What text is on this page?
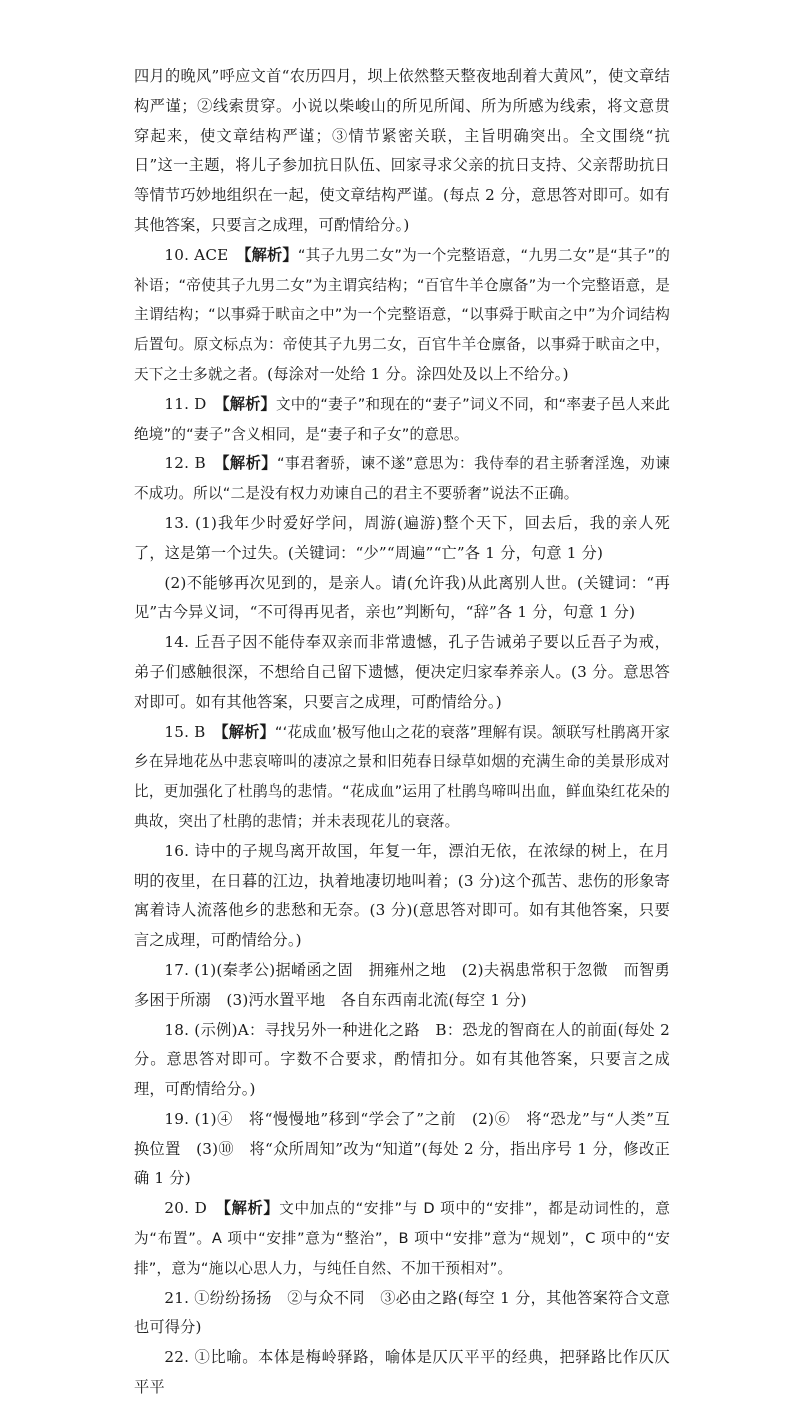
四月的晚风”呼应文首“农历四月，坝上依然整天整夜地刮着大黄风”，使文章结构严谨；②线索贯穿。小说以柴峻山的所见所闻、所为所感为线索，将文意贯穿起来，使文章结构严谨；③情节紧密关联，主旨明确突出。全文围绕“抗日”这一主题，将儿子参加抗日队伍、回家寻求父亲的抗日支持、父亲帮助抗日等情节巧妙地组织在一起，使文章结构严谨。(每点 2 分，意思答对即可。如有其他答案，只要言之成理，可酌情给分。)

10. ACE　【解析】“其子九男二女”为一个完整语意，“九男二女”是“其子”的补语；“帝使其子九男二女”为主谓宾结构；“百官牛羊仓廪备”为一个完整语意，是主谓结构；“以事舜于畎亩之中”为一个完整语意，“以事舜于畎亩之中”为介词结构后置句。原文标点为：帝使其子九男二女，百官牛羊仓廪备，以事舜于畎亩之中，天下之士多就之者。(每涂对一处给 1 分。涂四处及以上不给分。)

11. D　【解析】文中的“妻子”和现在的“妻子”词义不同，和“率妻子邑人来此绝境”的“妻子”含义相同，是“妻子和子女”的意思。

12. B　【解析】“事君奢骄，谏不遂”意思为：我侍奉的君主骄奢淫逸，劝谏不成功。所以“二是没有权力劝谏自己的君主不要骄奢”说法不正确。

13. (1)我年少时爱好学问，周游(遍游)整个天下，回去后，我的亲人死了，这是第一个过失。(关键词：“少”“周遍”“亡”各 1 分，句意 1 分)

(2)不能够再次见到的，是亲人。请(允许我)从此离别人世。(关键词：“再见”古今异义词，“不可得再见者，亲也”判断句，“辞”各 1 分，句意 1 分)

14. 丘吾子因不能侍奉双亲而非常遗憾，孔子告诫弟子要以丘吾子为戒，弟子们感触很深，不想给自己留下遗憾，便决定归家奉养亲人。(3 分。意思答对即可。如有其他答案，只要言之成理，可酌情给分。)

15. B　【解析】“‘花成血’极写他山之花的衰落”理解有误。颔联写杜鹃离开家乡在异地花丛中悲哀啼叫的凄凉之景和旧苑春日绿草如烟的充满生命的美景形成对比，更加强化了杜鹃鸟的悲情。“花成血”运用了杜鹃鸟啼叫出血，鲜血染红花朵的典故，突出了杜鹃的悲情；并未表现花儿的衰落。

16. 诗中的子规鸟离开故国，年复一年，漂泊无依，在浓绿的树上，在月明的夜里，在日暮的江边，执着地凄切地叫着；(3 分)这个孤苦、悲伤的形象寄寓着诗人流落他乡的悲愁和无奈。(3 分)(意思答对即可。如有其他答案，只要言之成理，可酌情给分。)

17. (1)(秦孝公)据崤函之固　拥雍州之地　(2)夫祸患常积于忽微　而智勇多困于所溺　(3)沔水置平地　各自东西南北流(每空 1 分)

18. (示例)A：寻找另外一种进化之路　B：恐龙的智商在人的前面(每处 2 分。意思答对即可。字数不合要求，酌情扣分。如有其他答案，只要言之成理，可酌情给分。)

19. (1)④　将“慢慢地”移到“学会了”之前　(2)⑥　将“恐龙”与“人类”互换位置　(3)⑩　将“众所周知”改为“知道”(每处 2 分，指出序号 1 分，修改正确 1 分)

20. D　【解析】文中加点的“安排”与 D 项中的“安排”，都是动词性的，意为“布置”。A 项中“安排”意为“整治”，B 项中“安排”意为“规划”，C 项中的“安排”，意为“施以心思人力，与纯任自然、不加干预相对”。

21. ①纷纷扬扬　②与众不同　③必由之路(每空 1 分，其他答案符合文意也可得分)

22. ①比喻。本体是梅岭驿路，喻体是仄仄平平的经典，把驿路比作仄仄平平
